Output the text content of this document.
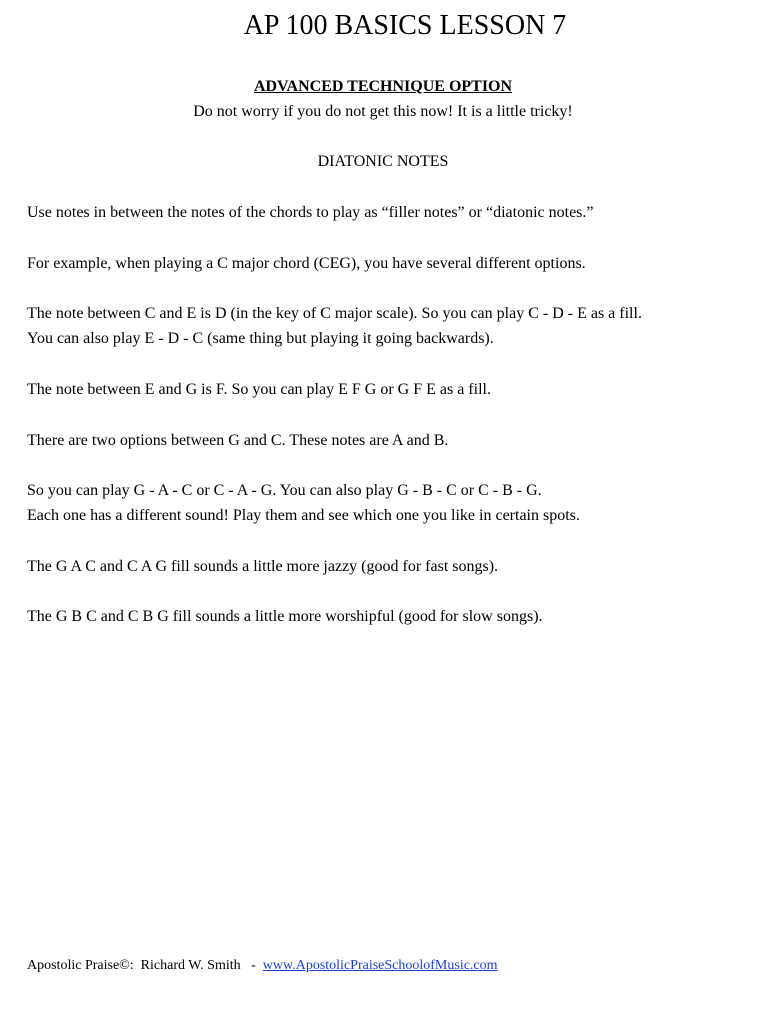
AP 100 BASICS LESSON 7
ADVANCED TECHNIQUE OPTION
Do not worry if you do not get this now! It is a little tricky!
DIATONIC NOTES
Use notes in between the notes of the chords to play as “filler notes” or “diatonic notes.”
For example, when playing a C major chord (CEG), you have several different options.
The note between C and E is D (in the key of C major scale). So you can play C - D - E as a fill.
You can also play E - D - C (same thing but playing it going backwards).
The note between E and G is F. So you can play E F G or G F E as a fill.
There are two options between G and C. These notes are A and B.
So you can play G - A - C or C - A - G. You can also play G - B - C or C - B - G.
Each one has a different sound! Play them and see which one you like in certain spots.
The G A C and C A G fill sounds a little more jazzy (good for fast songs).
The G B C and C B G fill sounds a little more worshipful (good for slow songs).
Apostolic Praise©:  Richard W. Smith   -  www.ApostolicPraiseSchoolofMusic.com
